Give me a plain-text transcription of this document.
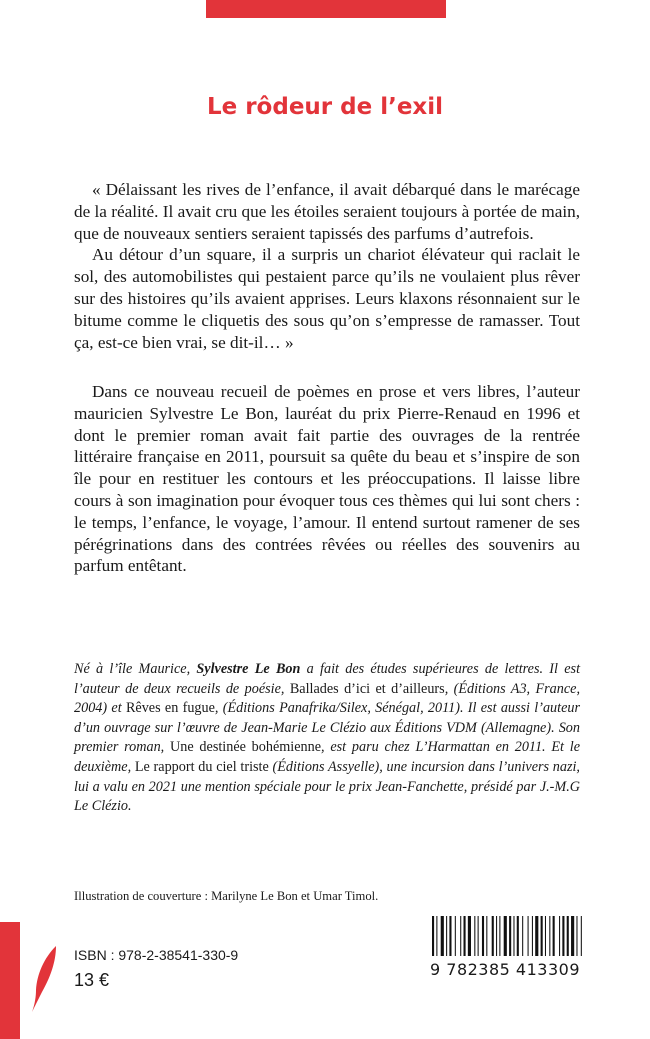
Le rôdeur de l’exil

« Délaissant les rives de l’enfance, il avait débarqué dans le marécage de la réalité. Il avait cru que les étoiles seraient toujours à portée de main, que de nouveaux sentiers seraient tapissés des parfums d’autrefois.

Au détour d’un square, il a surpris un chariot élévateur qui raclait le sol, des automobilistes qui pestaient parce qu’ils ne voulaient plus rêver sur des histoires qu’ils avaient apprises. Leurs klaxons résonnaient sur le bitume comme le cliquetis des sous qu’on s’empresse de ramasser. Tout ça, est-ce bien vrai, se dit-il… »

Dans ce nouveau recueil de poèmes en prose et vers libres, l’auteur mauricien Sylvestre Le Bon, lauréat du prix Pierre-Renaud en 1996 et dont le premier roman avait fait partie des ouvrages de la rentrée littéraire française en 2011, poursuit sa quête du beau et s’inspire de son île pour en restituer les contours et les préoccupations. Il laisse libre cours à son imagination pour évoquer tous ces thèmes qui lui sont chers : le temps, l’enfance, le voyage, l’amour. Il entend surtout ramener de ses pérégrinations dans des contrées rêvées ou réelles des souvenirs au parfum entêtant.

Né à l’île Maurice, Sylvestre Le Bon a fait des études supérieures de lettres. Il est l’auteur de deux recueils de poésie, Ballades d’ici et d’ailleurs, (Éditions A3, France, 2004) et Rêves en fugue, (Éditions Panafrika/Silex, Sénégal, 2011). Il est aussi l’auteur d’un ouvrage sur l’œuvre de Jean-Marie Le Clézio aux Éditions VDM (Allemagne). Son premier roman, Une destinée bohémienne, est paru chez L’Harmattan en 2011. Et le deuxième, Le rapport du ciel triste (Éditions Assyelle), une incursion dans l’univers nazi, lui a valu en 2021 une mention spéciale pour le prix Jean-Fanchette, présidé par J.-M.G Le Clézio.

Illustration de couverture : Marilyne Le Bon et Umar Timol.
ISBN : 978-2-38541-330-9
13 €
9 782385 413309
